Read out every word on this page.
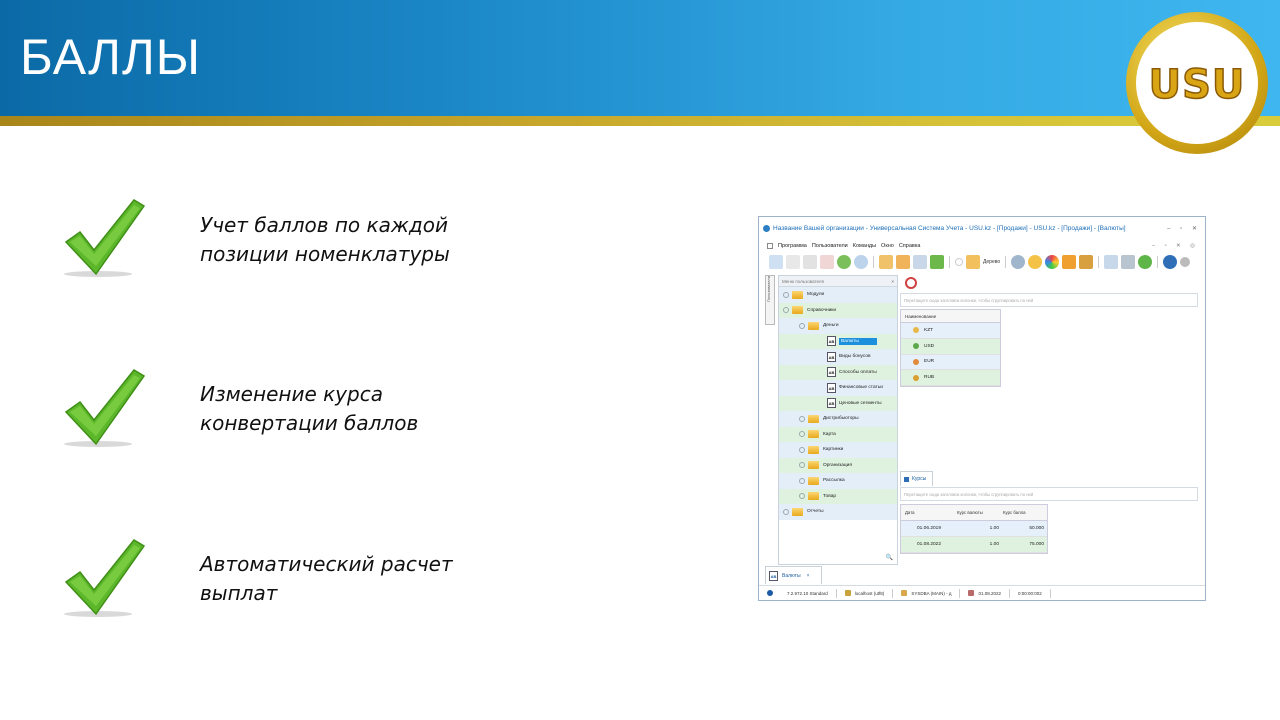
БАЛЛЫ	USU
Учет баллов по каждой
позиции номенклатуры
Изменение курса
конвертации баллов
Автоматический расчет
выплат
Название Вашей организации - Универсальная Система Учета - USU.kz - [Продажи] - USU.kz - [Продажи] - [Валюты]	‒ ▫ ✕
Программа Пользователи Команды Окно Справка	‒ ▫ ✕ ◎
Дерево
Пользователи Меню пользователя	×
Модули
Справочники
Деньги
AB	Валюты
AB Виды бонусов
AB Способы оплаты
AB Финансовые статьи
AB Ценовые сегменты
Дистрибьюторы
Карта
Картинки
Организация
Рассылка
Товар
Отчеты
🔍
Перетащите сюда заголовок колонки, чтобы сгруппировать по ней
Наименование
KZT
USD
EUR
RUB
Курсы
Перетащите сюда заголовок колонки, чтобы сгруппировать по ней
Дата	Курс валюты	Курс балла
01.06.2019	1.00	50.000
01.08.2022	1.00	75.000
AB	Валюты ×
7.2.972.10 Standard	localhost (utf8)	SYSDBA (MAIN) - д	01.08.2022	0:00:00:002
